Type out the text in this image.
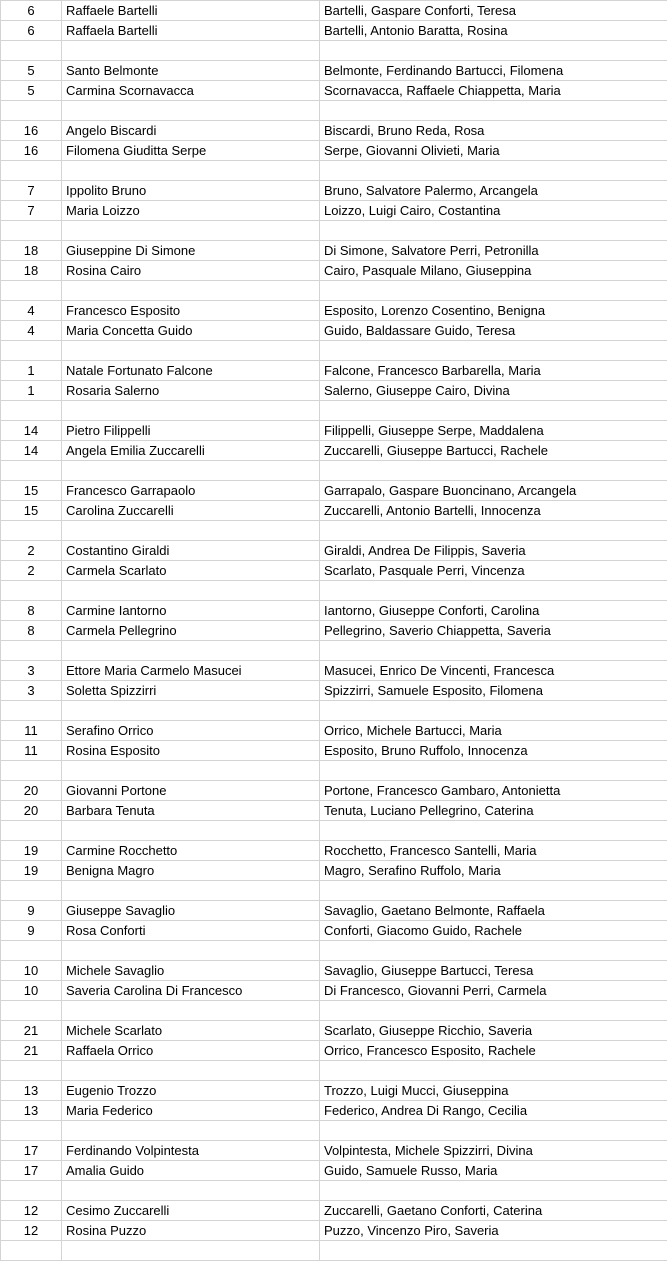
6	Raffaele Bartelli	Bartelli, Gaspare Conforti, Teresa
6	Raffaela Bartelli	Bartelli, Antonio Baratta, Rosina

5	Santo Belmonte	Belmonte, Ferdinando Bartucci, Filomena
5	Carmina Scornavacca	Scornavacca, Raffaele Chiappetta, Maria

16	Angelo Biscardi	Biscardi, Bruno Reda, Rosa
16	Filomena Giuditta Serpe	Serpe, Giovanni Olivieti, Maria

7	Ippolito Bruno	Bruno, Salvatore Palermo, Arcangela
7	Maria Loizzo	Loizzo, Luigi Cairo, Costantina

18	Giuseppine Di Simone	Di Simone, Salvatore Perri, Petronilla
18	Rosina Cairo	Cairo, Pasquale Milano, Giuseppina

4	Francesco Esposito	Esposito, Lorenzo Cosentino, Benigna
4	Maria Concetta Guido	Guido, Baldassare Guido, Teresa

1	Natale Fortunato Falcone	Falcone, Francesco Barbarella, Maria
1	Rosaria Salerno	Salerno, Giuseppe Cairo, Divina

14	Pietro Filippelli	Filippelli, Giuseppe Serpe, Maddalena
14	Angela Emilia Zuccarelli	Zuccarelli, Giuseppe Bartucci, Rachele

15	Francesco Garrapaolo	Garrapalo, Gaspare Buoncinano, Arcangela
15	Carolina Zuccarelli	Zuccarelli, Antonio Bartelli, Innocenza

2	Costantino Giraldi	Giraldi, Andrea De Filippis, Saveria
2	Carmela Scarlato	Scarlato, Pasquale Perri, Vincenza

8	Carmine Iantorno	Iantorno, Giuseppe Conforti, Carolina
8	Carmela Pellegrino	Pellegrino, Saverio Chiappetta, Saveria

3	Ettore Maria Carmelo Masucei	Masucei, Enrico De Vincenti, Francesca
3	Soletta Spizzirri	Spizzirri, Samuele Esposito, Filomena

11	Serafino Orrico	Orrico, Michele Bartucci, Maria
11	Rosina Esposito	Esposito, Bruno Ruffolo, Innocenza

20	Giovanni Portone	Portone, Francesco Gambaro, Antonietta
20	Barbara Tenuta	Tenuta, Luciano Pellegrino, Caterina

19	Carmine Rocchetto	Rocchetto, Francesco Santelli, Maria
19	Benigna Magro	Magro, Serafino Ruffolo, Maria

9	Giuseppe Savaglio	Savaglio, Gaetano Belmonte, Raffaela
9	Rosa Conforti	Conforti, Giacomo Guido, Rachele

10	Michele Savaglio	Savaglio, Giuseppe Bartucci, Teresa
10	Saveria Carolina Di Francesco	Di Francesco, Giovanni Perri, Carmela

21	Michele Scarlato	Scarlato, Giuseppe Ricchio, Saveria
21	Raffaela Orrico	Orrico, Francesco Esposito, Rachele

13	Eugenio Trozzo	Trozzo, Luigi Mucci, Giuseppina
13	Maria Federico	Federico, Andrea Di Rango, Cecilia

17	Ferdinando Volpintesta	Volpintesta, Michele Spizzirri, Divina
17	Amalia Guido	Guido, Samuele Russo, Maria

12	Cesimo Zuccarelli	Zuccarelli, Gaetano Conforti, Caterina
12	Rosina Puzzo	Puzzo, Vincenzo Piro, Saveria
